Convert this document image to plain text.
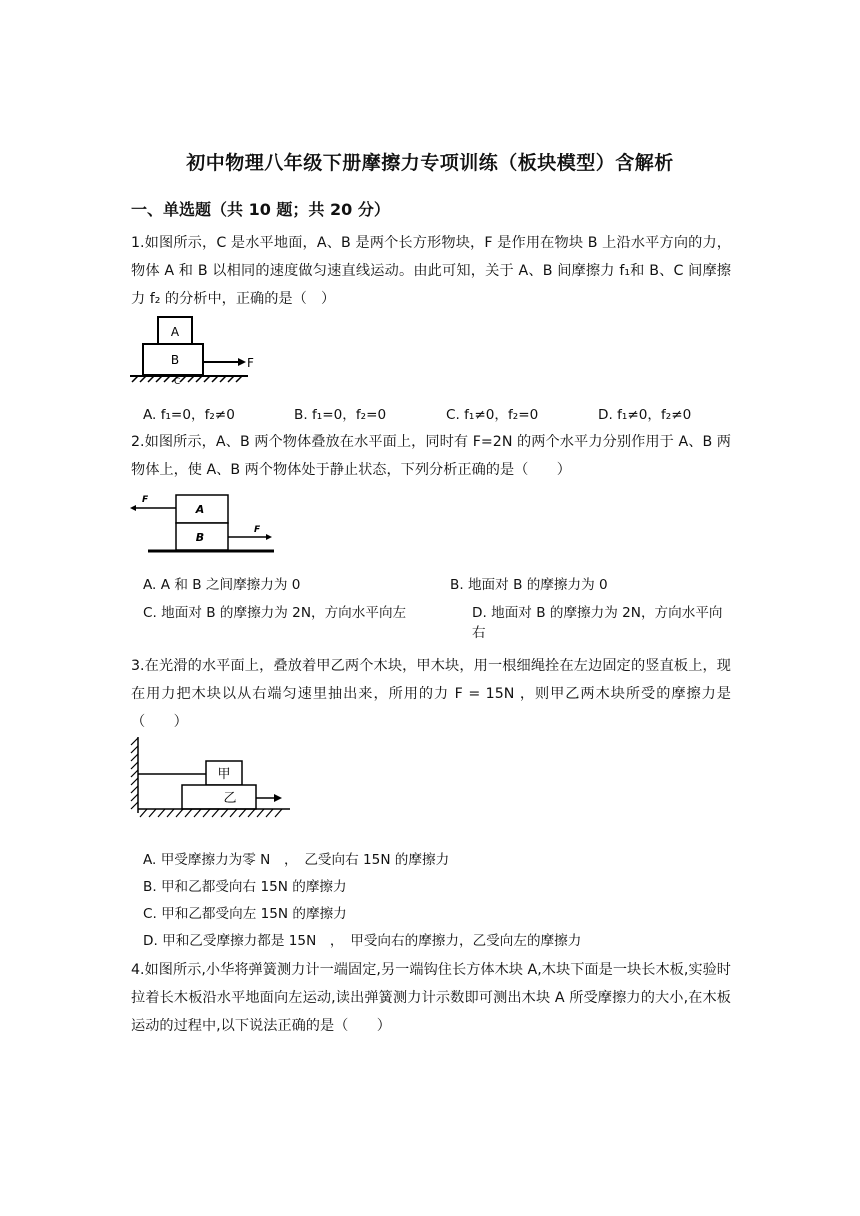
初中物理八年级下册摩擦力专项训练（板块模型）含解析
一、单选题（共 10 题；共 20 分）
1.如图所示，C 是水平地面，A、B 是两个长方形物块，F 是作用在物块 B 上沿水平方向的力，物体 A 和 B 以相同的速度做匀速直线运动。由此可知，关于 A、B 间摩擦力 f₁和 B、C 间摩擦力 f₂ 的分析中，正确的是（　）
A
B	F
C
A. f₁=0，f₂≠0	B. f₁=0，f₂=0	C. f₁≠0，f₂=0	D. f₁≠0，f₂≠0
2.如图所示，A、B 两个物体叠放在水平面上，同时有 F=2N 的两个水平力分别作用于 A、B 两物体上，使 A、B 两个物体处于静止状态，下列分析正确的是（　　）
A
B
F
F
A. A 和 B 之间摩擦力为 0	B. 地面对 B 的摩擦力为 0
C. 地面对 B 的摩擦力为 2N，方向水平向左	D. 地面对 B 的摩擦力为 2N，方向水平向右
3.在光滑的水平面上，叠放着甲乙两个木块，甲木块，用一根细绳拴在左边固定的竖直板上，现在用力把木块以从右端匀速里抽出来，所用的力 F = 15N ，则甲乙两木块所受的摩擦力是（　　）
甲
乙
A. 甲受摩擦力为零 N　，　乙受向右 15N 的摩擦力
B. 甲和乙都受向右 15N 的摩擦力
C. 甲和乙都受向左 15N 的摩擦力
D. 甲和乙受摩擦力都是 15N　，　甲受向右的摩擦力，乙受向左的摩擦力
4.如图所示,小华将弹簧测力计一端固定,另一端钩住长方体木块 A,木块下面是一块长木板,实验时拉着长木板沿水平地面向左运动,读出弹簧测力计示数即可测出木块 A 所受摩擦力的大小,在木板运动的过程中,以下说法正确的是（　　）
